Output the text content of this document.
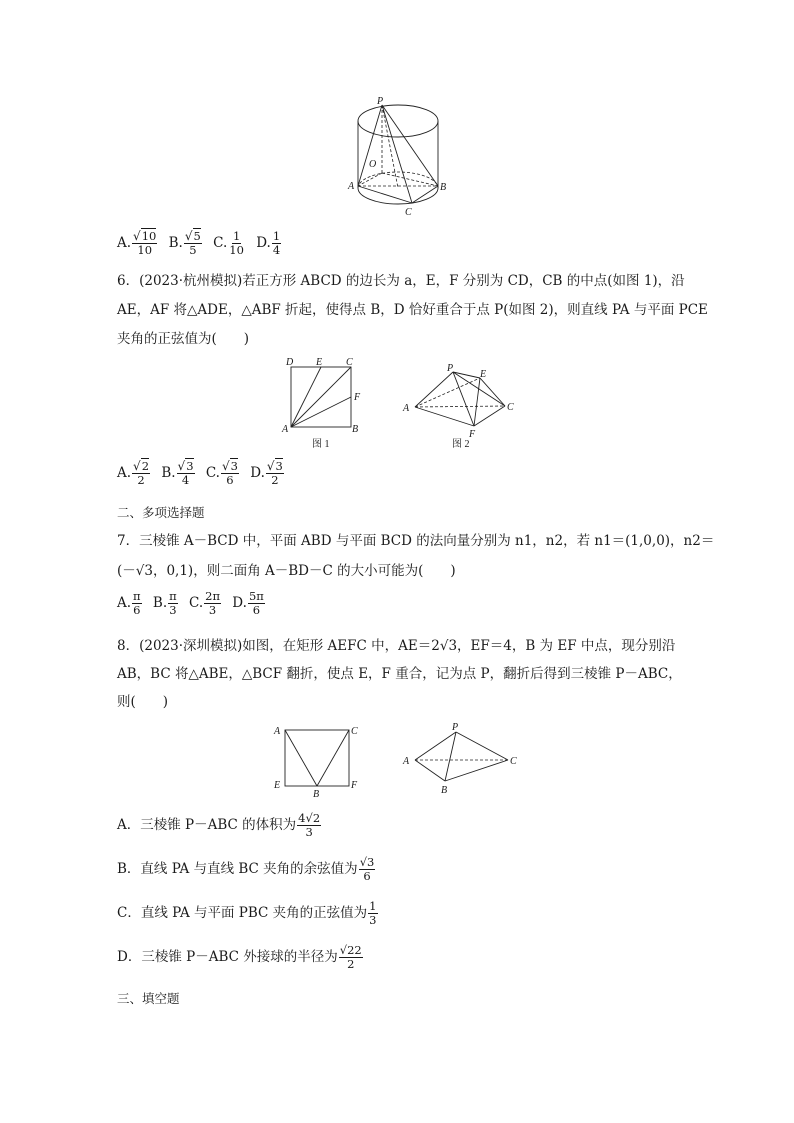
P
O
A	B
C
A. $\frac{√10}{10} B$. $\frac{√5}{5} C$. $\frac{1}{10} D$. $\frac{1}{4}$
6．(2023·杭州模拟)若正方形 ABCD 的边长为 a，E，F 分别为 CD，CB 的中点(如图 1)，沿
AE，AF 将△ADE，△ABF 折起，使得点 B，D 恰好重合于点 P(如图 2)，则直线 PA 与平面 PCE
夹角的正弦值为(　　)
D E C
F
A	B
图 1
P
E
A	C
F
图 2
A. $\frac{√2}{2} B$. $\frac{√3}{4} C$. $\frac{√3}{6} D$. $\frac{√3}{2}$
二、多项选择题
7．三棱锥 A－BCD 中，平面 ABD 与平面 BCD 的法向量分别为 n1，n2，若 n1＝(1,0,0)，n2＝
(－√3，0,1)，则二面角 A－BD－C 的大小可能为(　　)
A. $\frac{\pi}{6} B$. $\frac{\pi}{3} C$. $\frac{2\pi}{3} D$. $\frac{5\pi}{6}$
8．(2023·深圳模拟)如图，在矩形 AEFC 中，AE＝2√3，EF＝4，B 为 EF 中点，现分别沿
AB，BC 将△ABE，△BCF 翻折，使点 E，F 重合，记为点 P，翻折后得到三棱锥 P－ABC，
则(　　)
A	C
E
B
F
P
A	C
B
A．三棱锥 P－ABC 的体积为 $\frac{4√2}{3}$
B．直线 PA 与直线 BC 夹角的余弦值为 $\frac{√3}{6}$
C．直线 PA 与平面 PBC 夹角的正弦值为 $\frac{1}{3}$
D．三棱锥 P－ABC 外接球的半径为 $\frac{√22}{2}$
三、填空题
